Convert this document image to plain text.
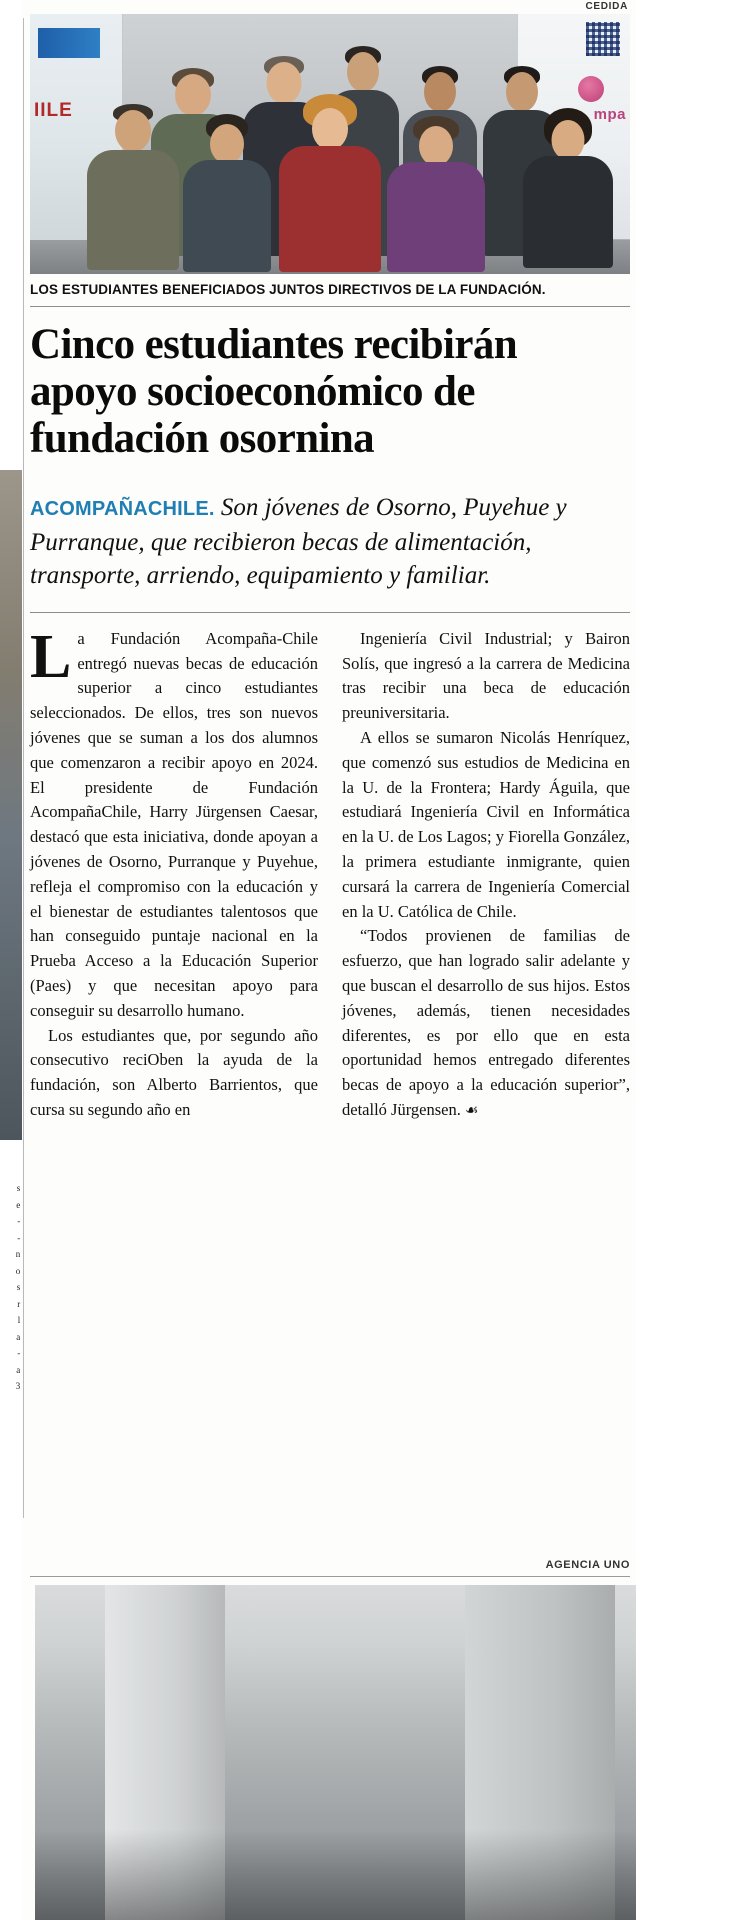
s
e
-
-
n
o
s
r
l
a
-
a
3
CEDIDA
IILE	mpa
LOS ESTUDIANTES BENEFICIADOS JUNTOS DIRECTIVOS DE LA FUNDACIÓN.
Cinco estudiantes recibirán apoyo socioeconómico de fundación osornina
ACOMPAÑACHILE. Son jóvenes de Osorno, Puyehue y Purranque, que recibieron becas de alimentación, transporte, arriendo, equipamiento y familiar.

La Fundación Acompaña-Chile entregó nuevas becas de educación superior a cinco estudiantes seleccionados. De ellos, tres son nuevos jóvenes que se suman a los dos alumnos que comenzaron a recibir apoyo en 2024. El presidente de Fundación AcompañaChile, Harry Jürgensen Caesar, destacó que esta iniciativa, donde apoyan a jóvenes de Osorno, Purranque y Puyehue, refleja el compromiso con la educación y el bienestar de estudiantes talentosos que han conseguido puntaje nacional en la Prueba Acceso a la Educación Superior (Paes) y que necesitan apoyo para conseguir su desarrollo humano.

Los estudiantes que, por segundo año consecutivo reciOben la ayuda de la fundación, son Alberto Barrientos, que cursa su segundo año en

Ingeniería Civil Industrial; y Bairon Solís, que ingresó a la carrera de Medicina tras recibir una beca de educación preuniversitaria.

A ellos se sumaron Nicolás Henríquez, que comenzó sus estudios de Medicina en la U. de la Frontera; Hardy Águila, que estudiará Ingeniería Civil en Informática en la U. de Los Lagos; y Fiorella González, la primera estudiante inmigrante, quien cursará la carrera de Ingeniería Comercial en la U. Católica de Chile.

“Todos provienen de familias de esfuerzo, que han logrado salir adelante y que buscan el desarrollo de sus hijos. Estos jóvenes, además, tienen necesidades diferentes, es por ello que en esta oportunidad hemos entregado diferentes becas de apoyo a la educación superior”, detalló Jürgensen. ☙

AGENCIA UNO
